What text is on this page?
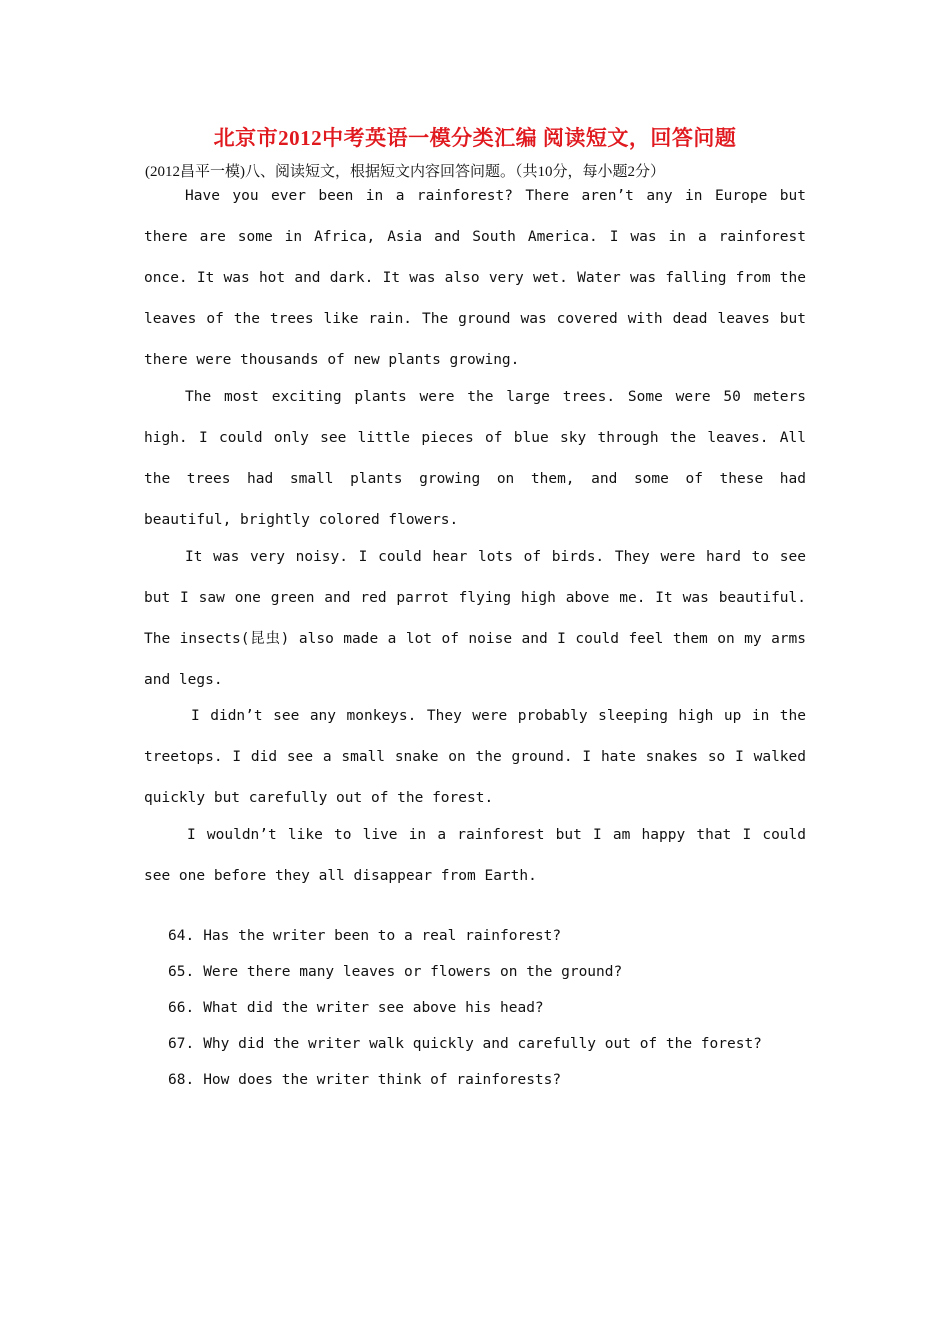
北京市2012中考英语一模分类汇编 阅读短文，回答问题
(2012昌平一模)八、阅读短文，根据短文内容回答问题。（共10分，每小题2分）

Have you ever been in a rainforest? There aren’t any in Europe but there are some in Africa, Asia and South America. I was in a rainforest once. It was hot and dark. It was also very wet. Water was falling from the leaves of the trees like rain. The ground was covered with dead leaves but there were thousands of new plants growing.

The most exciting plants were the large trees. Some were 50 meters high. I could only see little pieces of blue sky through the leaves. All the trees had small plants growing on them, and some of these had beautiful, brightly colored flowers.

It was very noisy. I could hear lots of birds. They were hard to see but I saw one green and red parrot flying high above me. It was beautiful. The insects(昆虫) also made a lot of noise and I could feel them on my arms and legs.

I didn’t see any monkeys. They were probably sleeping high up in the treetops. I did see a small snake on the ground. I hate snakes so I walked quickly but carefully out of the forest.

I wouldn’t like to live in a rainforest but I am happy that I could see one before they all disappear from Earth.

64. Has the writer been to a real rainforest?
65. Were there many leaves or flowers on the ground?
66. What did the writer see above his head?
67. Why did the writer walk quickly and carefully out of the forest?
68. How does the writer think of rainforests?
